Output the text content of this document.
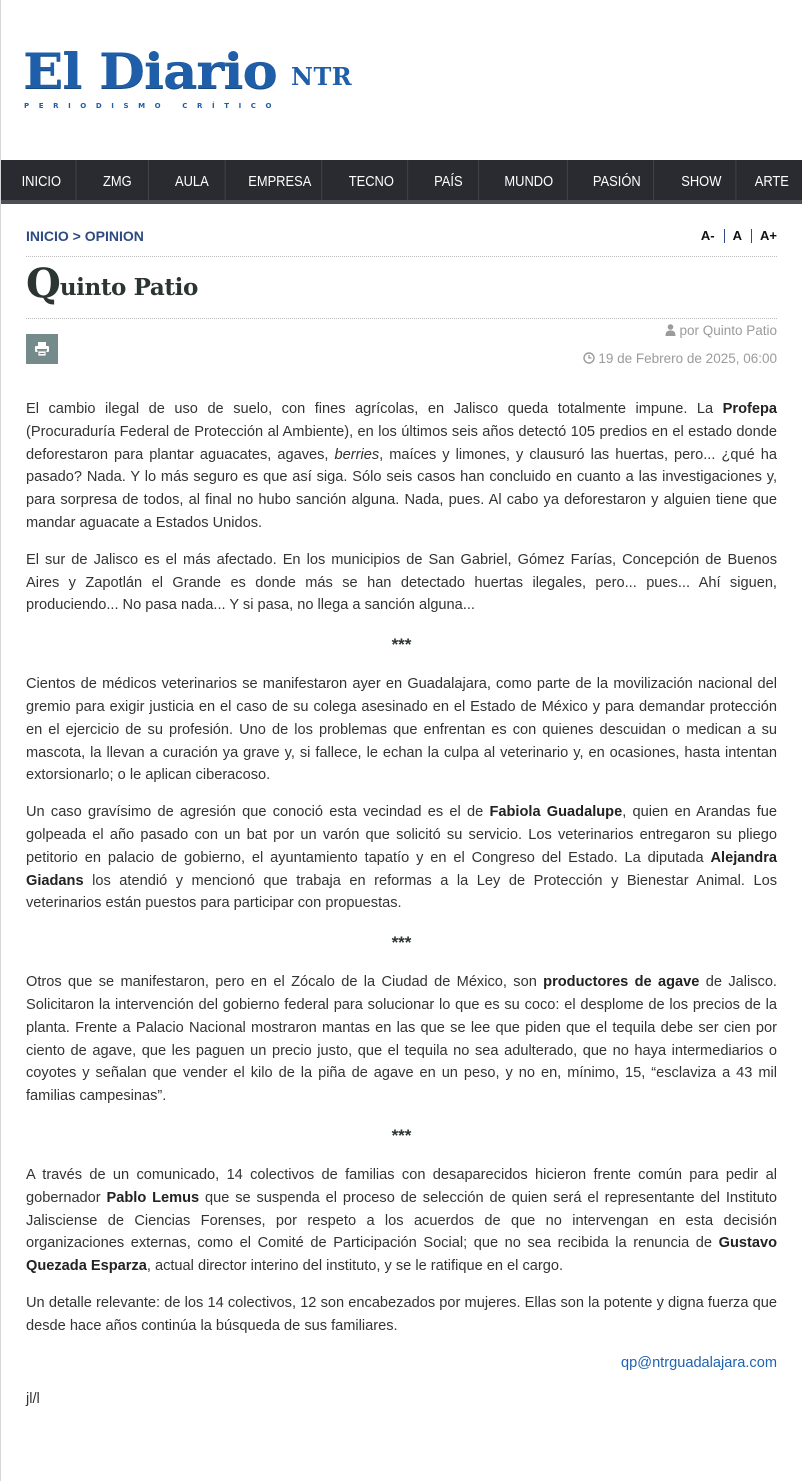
El Diario NTR
PERIODISMO CRÍTICO
INICIO	ZMG	AULA	EMPRESA	TECNO	PAÍS	MUNDO	PASIÓN	SHOW	ARTE
INICIO > OPINION	A- A A+
Quinto Patio
por Quinto Patio
19 de Febrero de 2025, 06:00

El cambio ilegal de uso de suelo, con fines agrícolas, en Jalisco queda totalmente impune. La Profepa (Procuraduría Federal de Protección al Ambiente), en los últimos seis años detectó 105 predios en el estado donde deforestaron para plantar aguacates, agaves, berries, maíces y limones, y clausuró las huertas, pero... ¿qué ha pasado? Nada. Y lo más seguro es que así siga. Sólo seis casos han concluido en cuanto a las investigaciones y, para sorpresa de todos, al final no hubo sanción alguna. Nada, pues. Al cabo ya deforestaron y alguien tiene que mandar aguacate a Estados Unidos.

El sur de Jalisco es el más afectado. En los municipios de San Gabriel, Gómez Farías, Concepción de Buenos Aires y Zapotlán el Grande es donde más se han detectado huertas ilegales, pero... pues... Ahí siguen, produciendo... No pasa nada... Y si pasa, no llega a sanción alguna...

***

Cientos de médicos veterinarios se manifestaron ayer en Guadalajara, como parte de la movilización nacional del gremio para exigir justicia en el caso de su colega asesinado en el Estado de México y para demandar protección en el ejercicio de su profesión. Uno de los problemas que enfrentan es con quienes descuidan o medican a su mascota, la llevan a curación ya grave y, si fallece, le echan la culpa al veterinario y, en ocasiones, hasta intentan extorsionarlo; o le aplican ciberacoso.

Un caso gravísimo de agresión que conoció esta vecindad es el de Fabiola Guadalupe, quien en Arandas fue golpeada el año pasado con un bat por un varón que solicitó su servicio. Los veterinarios entregaron su pliego petitorio en palacio de gobierno, el ayuntamiento tapatío y en el Congreso del Estado. La diputada Alejandra Giadans los atendió y mencionó que trabaja en reformas a la Ley de Protección y Bienestar Animal. Los veterinarios están puestos para participar con propuestas.

***

Otros que se manifestaron, pero en el Zócalo de la Ciudad de México, son productores de agave de Jalisco. Solicitaron la intervención del gobierno federal para solucionar lo que es su coco: el desplome de los precios de la planta. Frente a Palacio Nacional mostraron mantas en las que se lee que piden que el tequila debe ser cien por ciento de agave, que les paguen un precio justo, que el tequila no sea adulterado, que no haya intermediarios o coyotes y señalan que vender el kilo de la piña de agave en un peso, y no en, mínimo, 15, “esclaviza a 43 mil familias campesinas”.

***

A través de un comunicado, 14 colectivos de familias con desaparecidos hicieron frente común para pedir al gobernador Pablo Lemus que se suspenda el proceso de selección de quien será el representante del Instituto Jalisciense de Ciencias Forenses, por respeto a los acuerdos de que no intervengan en esta decisión organizaciones externas, como el Comité de Participación Social; que no sea recibida la renuncia de Gustavo Quezada Esparza, actual director interino del instituto, y se le ratifique en el cargo.

Un detalle relevante: de los 14 colectivos, 12 son encabezados por mujeres. Ellas son la potente y digna fuerza que desde hace años continúa la búsqueda de sus familiares.

qp@ntrguadalajara.com

jl/l
